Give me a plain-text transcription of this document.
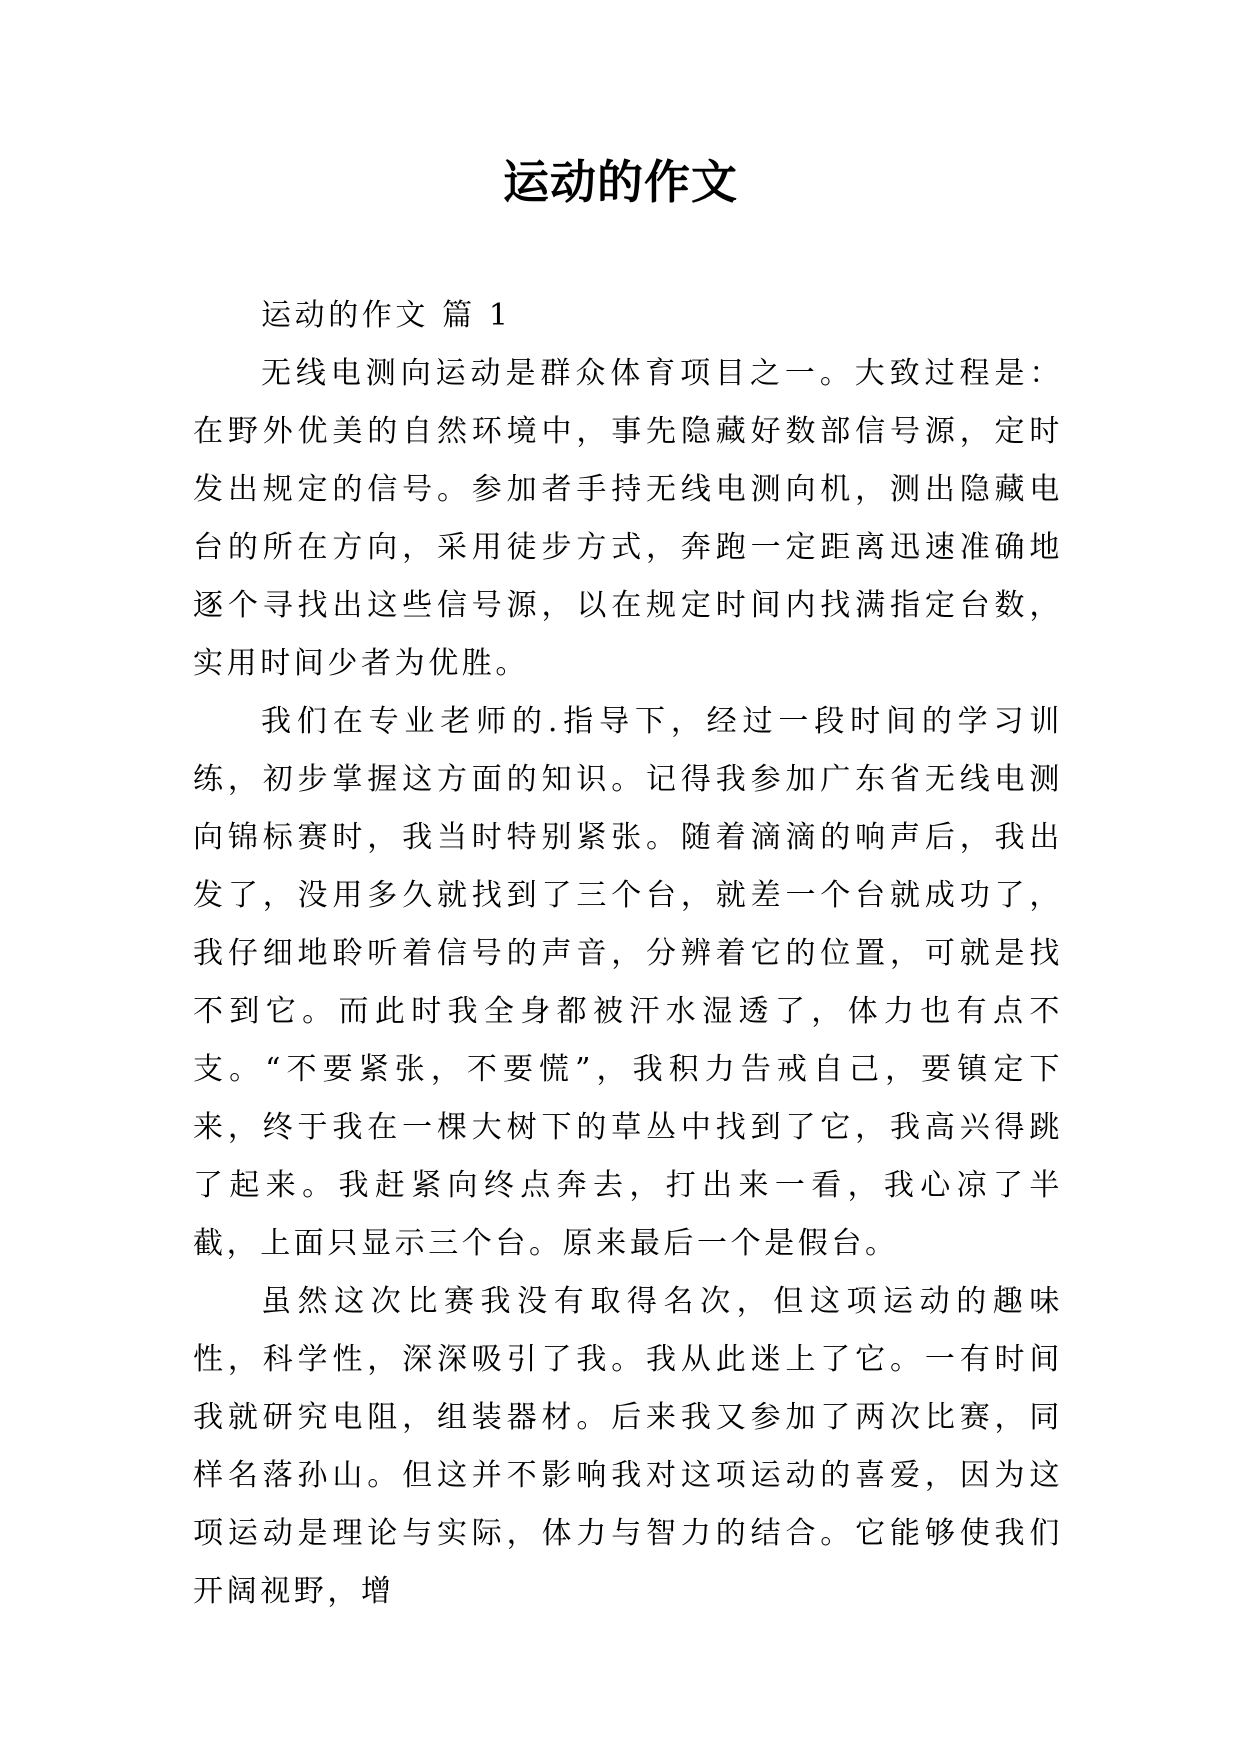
运动的作文

运动的作文 篇 1

无线电测向运动是群众体育项目之一。大致过程是：在野外优美的自然环境中，事先隐藏好数部信号源，定时发出规定的信号。参加者手持无线电测向机，测出隐藏电台的所在方向，采用徒步方式，奔跑一定距离迅速准确地逐个寻找出这些信号源，以在规定时间内找满指定台数，实用时间少者为优胜。

我们在专业老师的.指导下，经过一段时间的学习训练，初步掌握这方面的知识。记得我参加广东省无线电测向锦标赛时，我当时特别紧张。随着滴滴的响声后，我出发了，没用多久就找到了三个台，就差一个台就成功了，我仔细地聆听着信号的声音，分辨着它的位置，可就是找不到它。而此时我全身都被汗水湿透了，体力也有点不支。“不要紧张，不要慌”，我积力告戒自己，要镇定下来，终于我在一棵大树下的草丛中找到了它，我高兴得跳了起来。我赶紧向终点奔去，打出来一看，我心凉了半截，上面只显示三个台。原来最后一个是假台。

虽然这次比赛我没有取得名次，但这项运动的趣味性，科学性，深深吸引了我。我从此迷上了它。一有时间我就研究电阻，组装器材。后来我又参加了两次比赛，同样名落孙山。但这并不影响我对这项运动的喜爱，因为这项运动是理论与实际，体力与智力的结合。它能够使我们开阔视野，增
